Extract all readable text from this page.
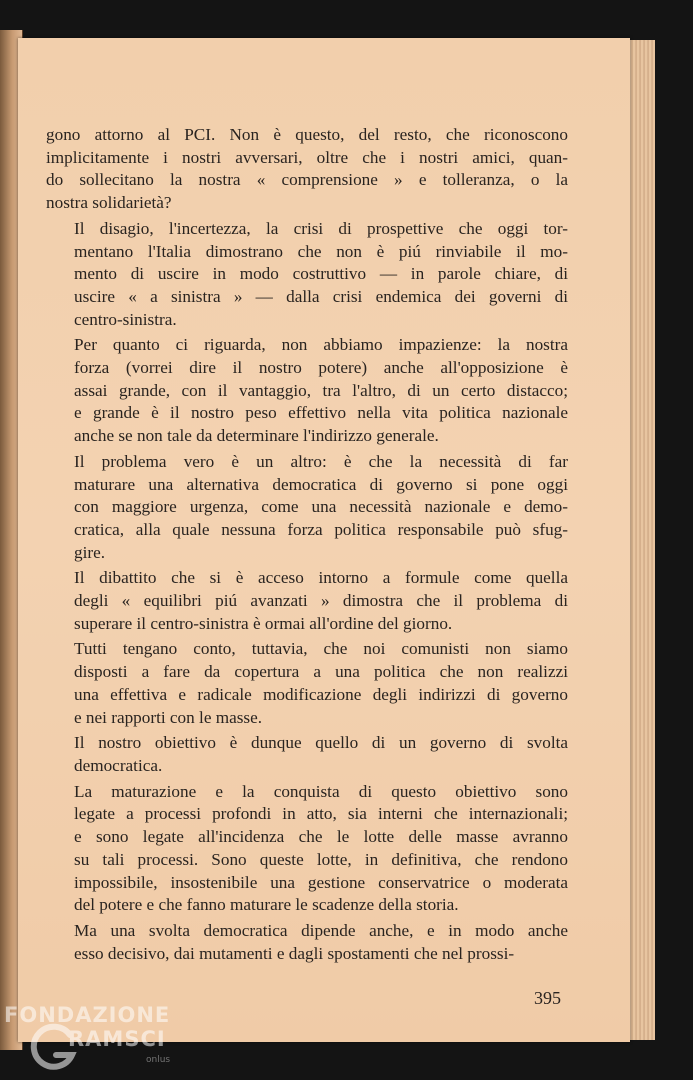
gono attorno al PCI. Non è questo, del resto, che riconoscono
implicitamente i nostri avversari, oltre che i nostri amici, quan-
do sollecitano la nostra « comprensione » e tolleranza, o la
nostra solidarietà?
Il disagio, l'incertezza, la crisi di prospettive che oggi tor-
mentano l'Italia dimostrano che non è piú rinviabile il mo-
mento di uscire in modo costruttivo — in parole chiare, di
uscire « a sinistra » — dalla crisi endemica dei governi di
centro-sinistra.
Per quanto ci riguarda, non abbiamo impazienze: la nostra
forza (vorrei dire il nostro potere) anche all'opposizione è
assai grande, con il vantaggio, tra l'altro, di un certo distacco;
e grande è il nostro peso effettivo nella vita politica nazionale
anche se non tale da determinare l'indirizzo generale.
Il problema vero è un altro: è che la necessità di far
maturare una alternativa democratica di governo si pone oggi
con maggiore urgenza, come una necessità nazionale e demo-
cratica, alla quale nessuna forza politica responsabile può sfug-
gire.
Il dibattito che si è acceso intorno a formule come quella
degli « equilibri piú avanzati » dimostra che il problema di
superare il centro-sinistra è ormai all'ordine del giorno.
Tutti tengano conto, tuttavia, che noi comunisti non siamo
disposti a fare da copertura a una politica che non realizzi
una effettiva e radicale modificazione degli indirizzi di governo
e nei rapporti con le masse.
Il nostro obiettivo è dunque quello di un governo di svolta
democratica.
La maturazione e la conquista di questo obiettivo sono
legate a processi profondi in atto, sia interni che internazionali;
e sono legate all'incidenza che le lotte delle masse avranno
su tali processi. Sono queste lotte, in definitiva, che rendono
impossibile, insostenibile una gestione conservatrice o moderata
del potere e che fanno maturare le scadenze della storia.
Ma una svolta democratica dipende anche, e in modo anche
esso decisivo, dai mutamenti e dagli spostamenti che nel prossi-
395
FONDAZIONE
RAMSCI
onlus
